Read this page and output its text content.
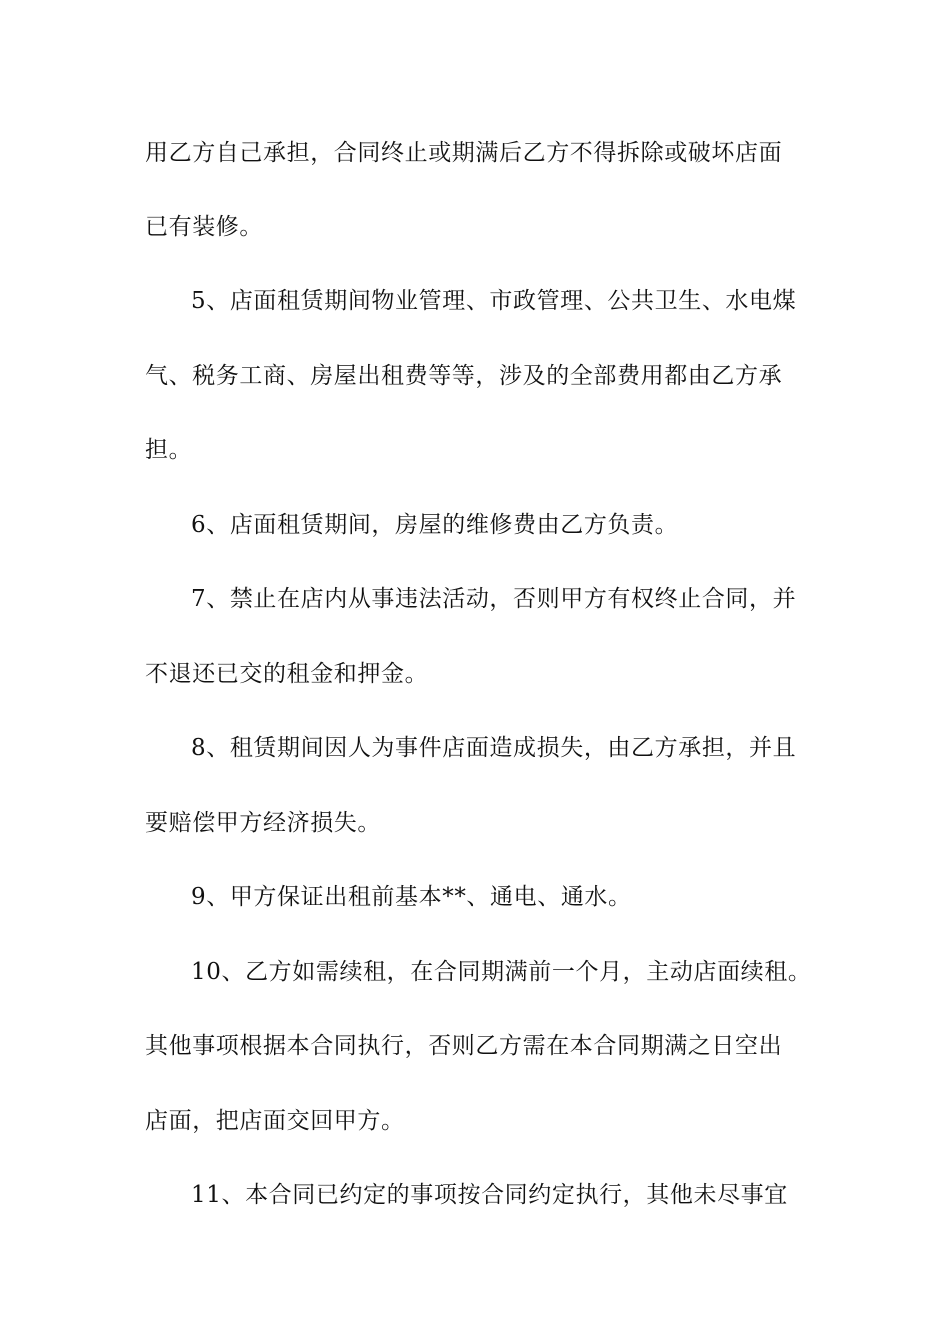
用乙方自己承担，合同终止或期满后乙方不得拆除或破坏店面
已有装修。
5、店面租赁期间物业管理、市政管理、公共卫生、水电煤
气、税务工商、房屋出租费等等，涉及的全部费用都由乙方承
担。
6、店面租赁期间，房屋的维修费由乙方负责。
7、禁止在店内从事违法活动，否则甲方有权终止合同，并
不退还已交的租金和押金。
8、租赁期间因人为事件店面造成损失，由乙方承担，并且
要赔偿甲方经济损失。
9、甲方保证出租前基本**、通电、通水。
10、乙方如需续租，在合同期满前一个月，主动店面续租。
其他事项根据本合同执行，否则乙方需在本合同期满之日空出
店面，把店面交回甲方。
11、本合同已约定的事项按合同约定执行，其他未尽事宜
